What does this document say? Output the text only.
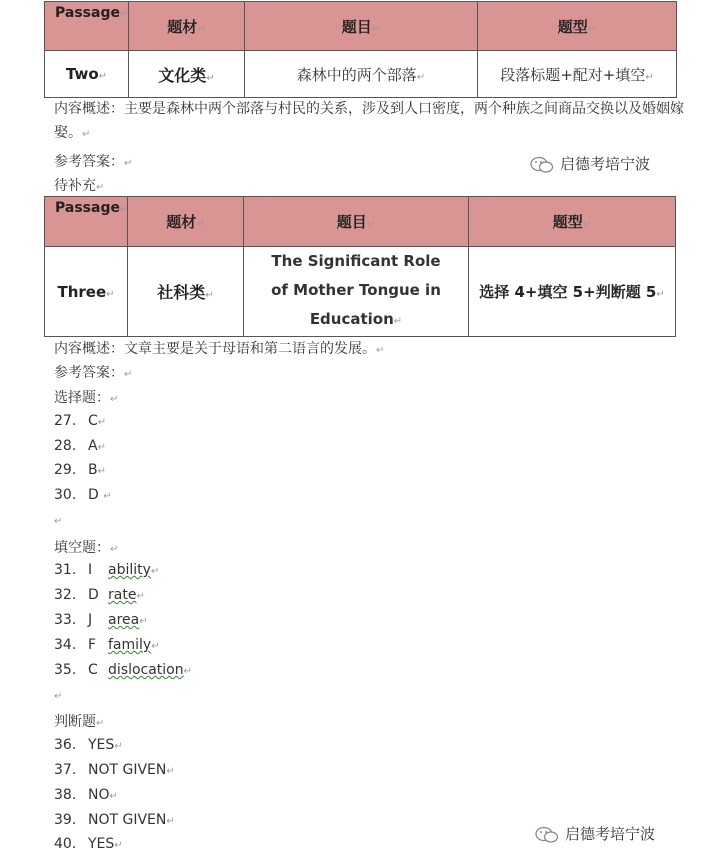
Passage↵	题材↵	题目↵	题型↵
Two↵	文化类↵	森林中的两个部落↵	段落标题+配对+填空↵
内容概述：主要是森林中两个部落与村民的关系，涉及到人口密度，两个种族之间商品交换以及婚姻嫁娶。↵
参考答案：↵
待补充↵
启德考培宁波
Passage↵	题材↵	题目↵	题型↵
Three↵	社科类↵	The Significant Role of Mother Tongue in Education↵	选择 4+填空 5+判断题 5↵
内容概述：文章主要是关于母语和第二语言的发展。↵
参考答案：↵
选择题：↵
27. C↵
28. A↵
29. B↵
30. D ↵
↵
填空题：↵
31. I ability↵
32. D rate↵
33. J area↵
34. F family↵
35. C dislocation↵
↵
判断题↵
36. YES↵
37. NOT GIVEN↵
38. NO↵
39. NOT GIVEN↵
40. YES↵
启德考培宁波
